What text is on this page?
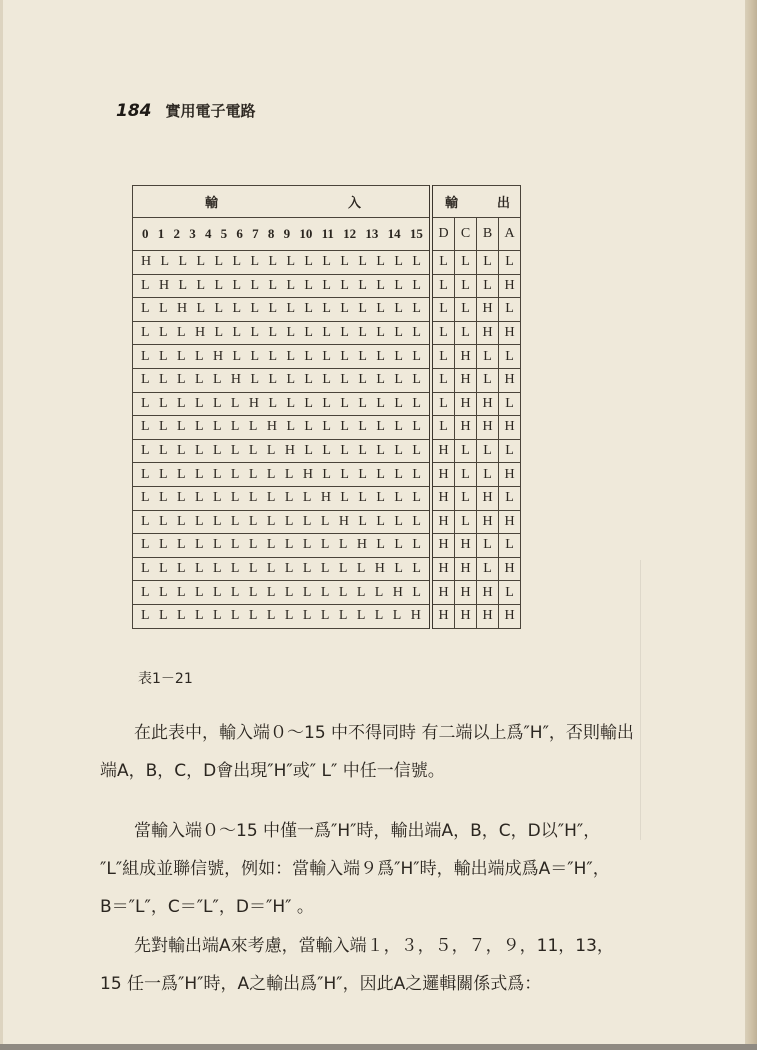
184 實用電子電路
輸 入	輸 出			

0 1 2 3 4 5 6 7 8 9 10 11 12 13 14 15	D	C	B	A

H L L L L L L L L L L L L L L L	L	L	L	L

L H L L L L L L L L L L L L L L	L	L	L	H

L L H L L L L L L L L L L L L L	L	L	H	L

L L L H L L L L L L L L L L L L	L	L	H	H

L L L L H L L L L L L L L L L L	L	H	L	L

L L L L L H L L L L L L L L L L	L	H	L	H

L L L L L L H L L L L L L L L L	L	H	H	L

L L L L L L L H L L L L L L L L	L	H	H	H

L L L L L L L L H L L L L L L L	H	L	L	L

L L L L L L L L L H L L L L L L	H	L	L	H

L L L L L L L L L L H L L L L L	H	L	H	L

L L L L L L L L L L L H L L L L	H	L	H	H

L L L L L L L L L L L L H L L L	H	H	L	L

L L L L L L L L L L L L L H L L	H	H	L	H

L L L L L L L L L L L L L L H L	H	H	H	L

L L L L L L L L L L L L L L L H	H	H	H	H
表1－21
在此表中，輸入端０～15 中不得同時 有二端以上爲″H″，否則輸出
端A，B，C，D會出現″H″或″ L″ 中任一信號。
當輸入端０～15 中僅一爲″H″時，輸出端A，B，C，D以″H″，
″L″組成並聯信號，例如：當輸入端９爲″H″時，輸出端成爲A＝″H″，
B＝″L″，C＝″L″，D＝″H″ 。
先對輸出端A來考慮，當輸入端１，３，５，７，９，11，13，
15 任一爲″H″時，A之輸出爲″H″，因此A之邏輯關係式爲：
